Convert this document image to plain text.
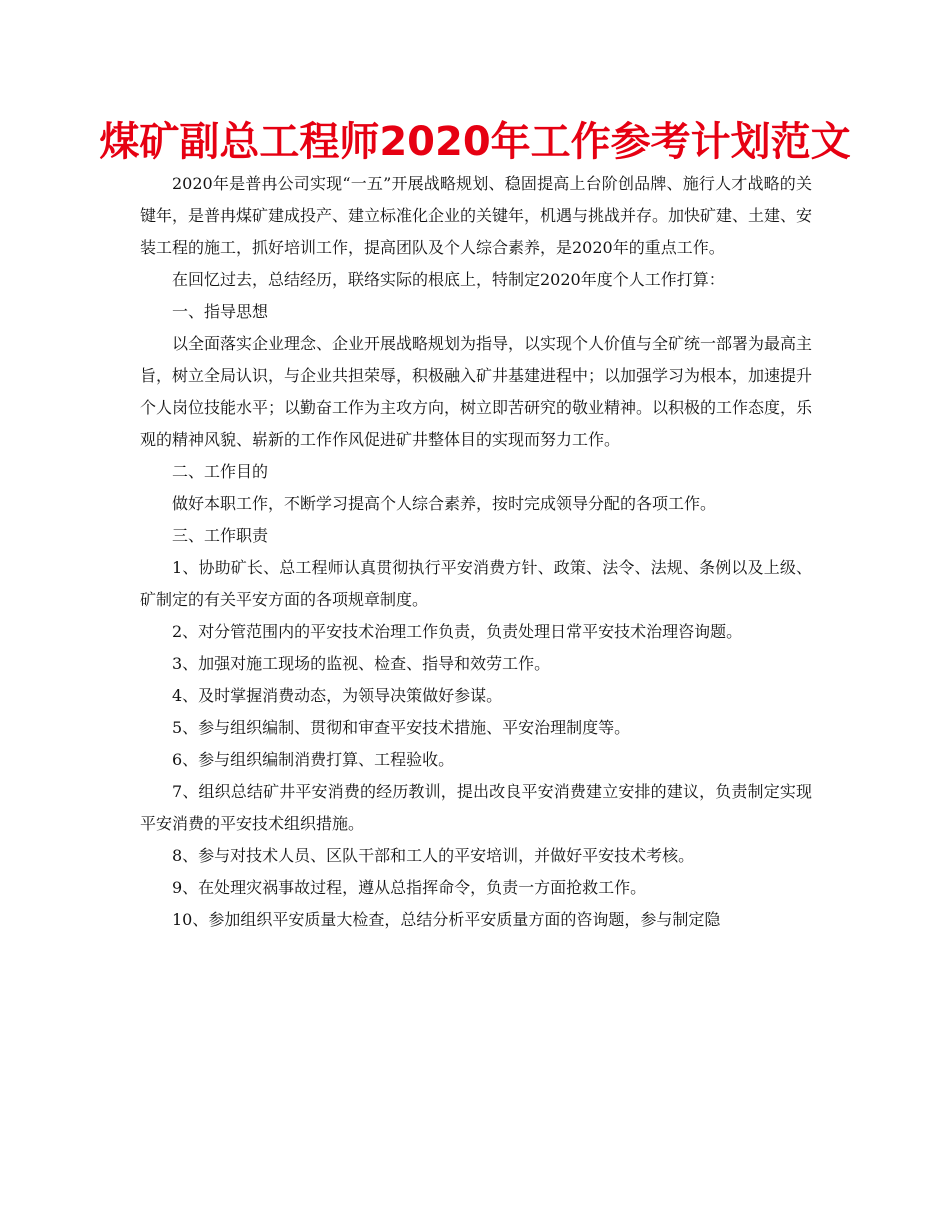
煤矿副总工程师2020年工作参考计划范文

2020年是普冉公司实现“一五”开展战略规划、稳固提高上台阶创品牌、施行人才战略的关键年，是普冉煤矿建成投产、建立标准化企业的关键年，机遇与挑战并存。加快矿建、土建、安装工程的施工，抓好培训工作，提高团队及个人综合素养，是2020年的重点工作。

在回忆过去，总结经历，联络实际的根底上，特制定2020年度个人工作打算：

一、指导思想

以全面落实企业理念、企业开展战略规划为指导，以实现个人价值与全矿统一部署为最高主旨，树立全局认识，与企业共担荣辱，积极融入矿井基建进程中；以加强学习为根本，加速提升个人岗位技能水平；以勤奋工作为主攻方向，树立即苦研究的敬业精神。以积极的工作态度，乐观的精神风貌、崭新的工作作风促进矿井整体目的实现而努力工作。

二、工作目的

做好本职工作，不断学习提高个人综合素养，按时完成领导分配的各项工作。

三、工作职责

1、协助矿长、总工程师认真贯彻执行平安消费方针、政策、法令、法规、条例以及上级、矿制定的有关平安方面的各项规章制度。

2、对分管范围内的平安技术治理工作负责，负责处理日常平安技术治理咨询题。

3、加强对施工现场的监视、检查、指导和效劳工作。

4、及时掌握消费动态，为领导决策做好参谋。

5、参与组织编制、贯彻和审查平安技术措施、平安治理制度等。

6、参与组织编制消费打算、工程验收。

7、组织总结矿井平安消费的经历教训，提出改良平安消费建立安排的建议，负责制定实现平安消费的平安技术组织措施。

8、参与对技术人员、区队干部和工人的平安培训，并做好平安技术考核。

9、在处理灾祸事故过程，遵从总指挥命令，负责一方面抢救工作。

10、参加组织平安质量大检查，总结分析平安质量方面的咨询题，参与制定隐
